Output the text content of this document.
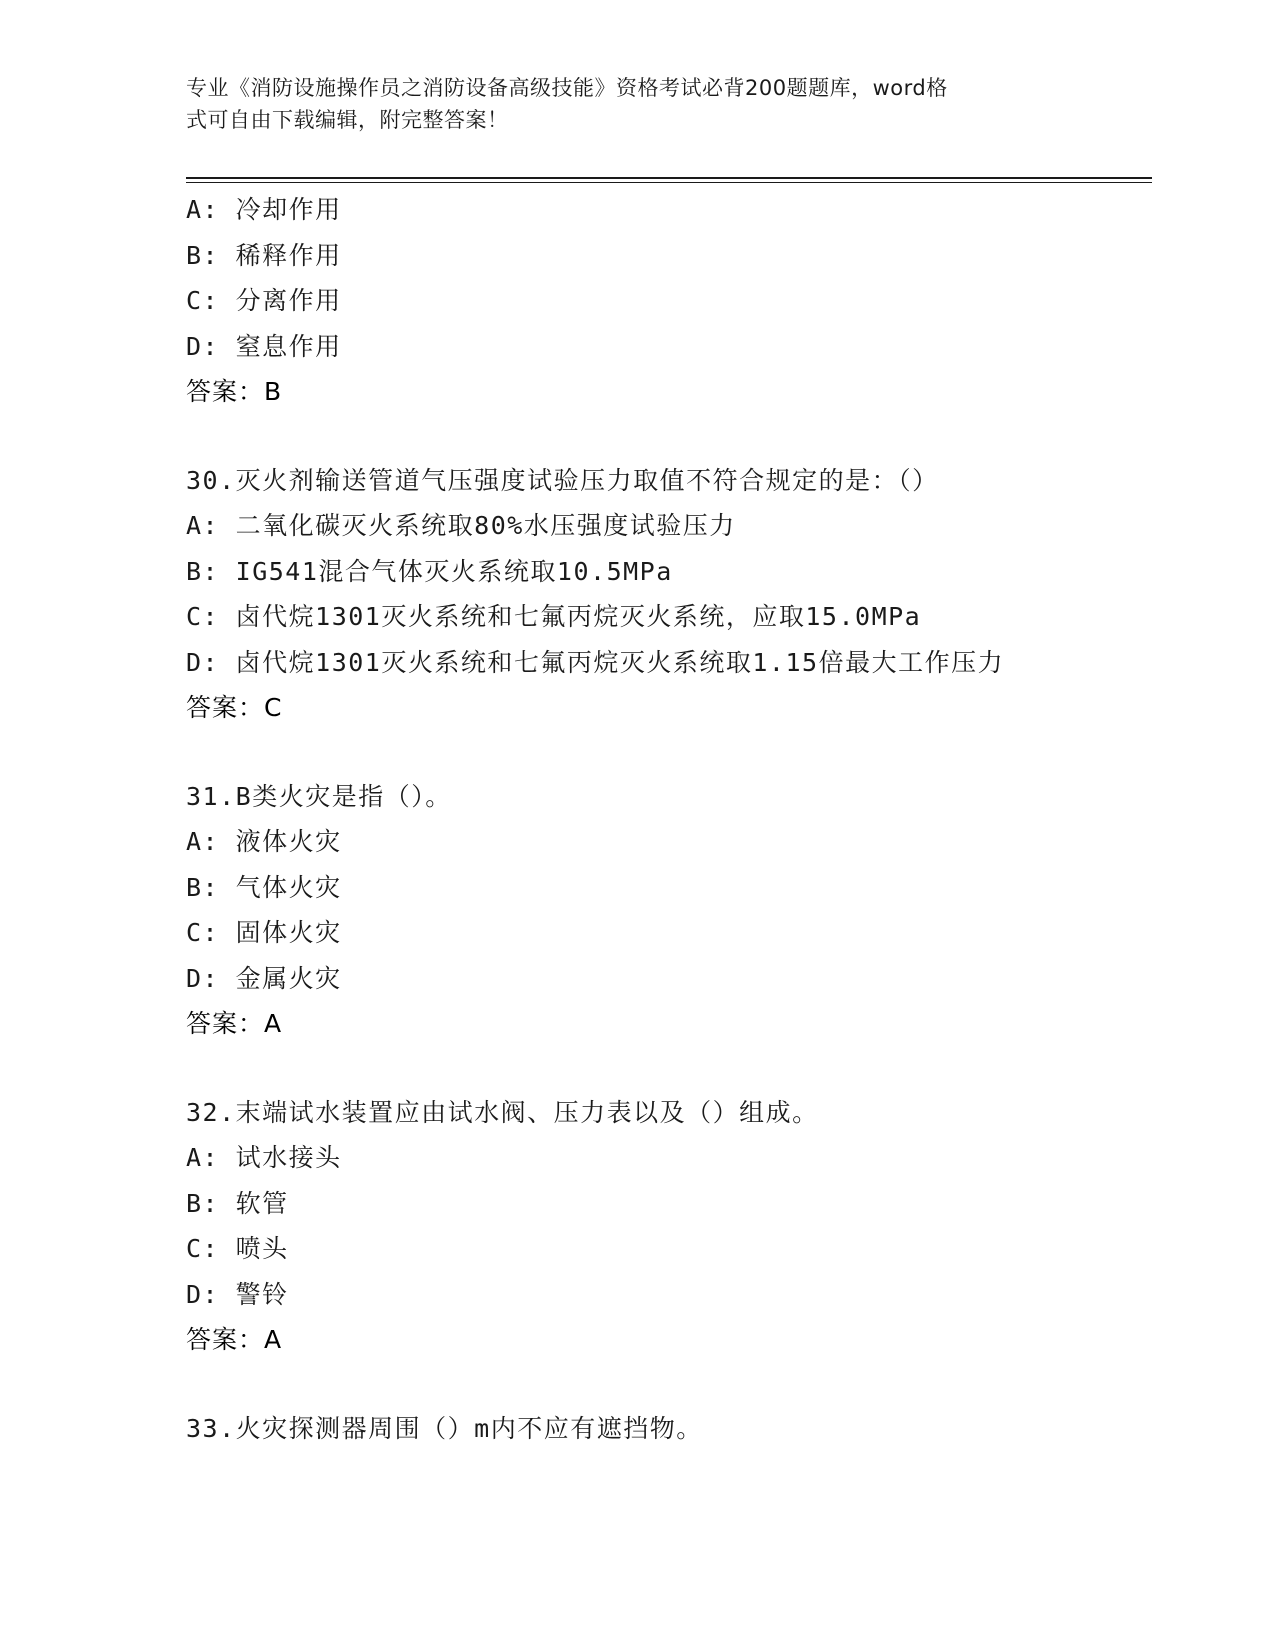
专业《消防设施操作员之消防设备高级技能》资格考试必背200题题库，word格
式可自由下载编辑，附完整答案！
A: 冷却作用
B: 稀释作用
C: 分离作用
D: 窒息作用
答案：B
30.灭火剂输送管道气压强度试验压力取值不符合规定的是：（）
A: 二氧化碳灭火系统取80%水压强度试验压力
B: IG541混合气体灭火系统取10.5MPa
C: 卤代烷1301灭火系统和七氟丙烷灭火系统，应取15.0MPa
D: 卤代烷1301灭火系统和七氟丙烷灭火系统取1.15倍最大工作压力
答案：C
31.B类火灾是指（）。
A: 液体火灾
B: 气体火灾
C: 固体火灾
D: 金属火灾
答案：A
32.末端试水装置应由试水阀、压力表以及（）组成。
A: 试水接头
B: 软管
C: 喷头
D: 警铃
答案：A
33.火灾探测器周围（）m内不应有遮挡物。
